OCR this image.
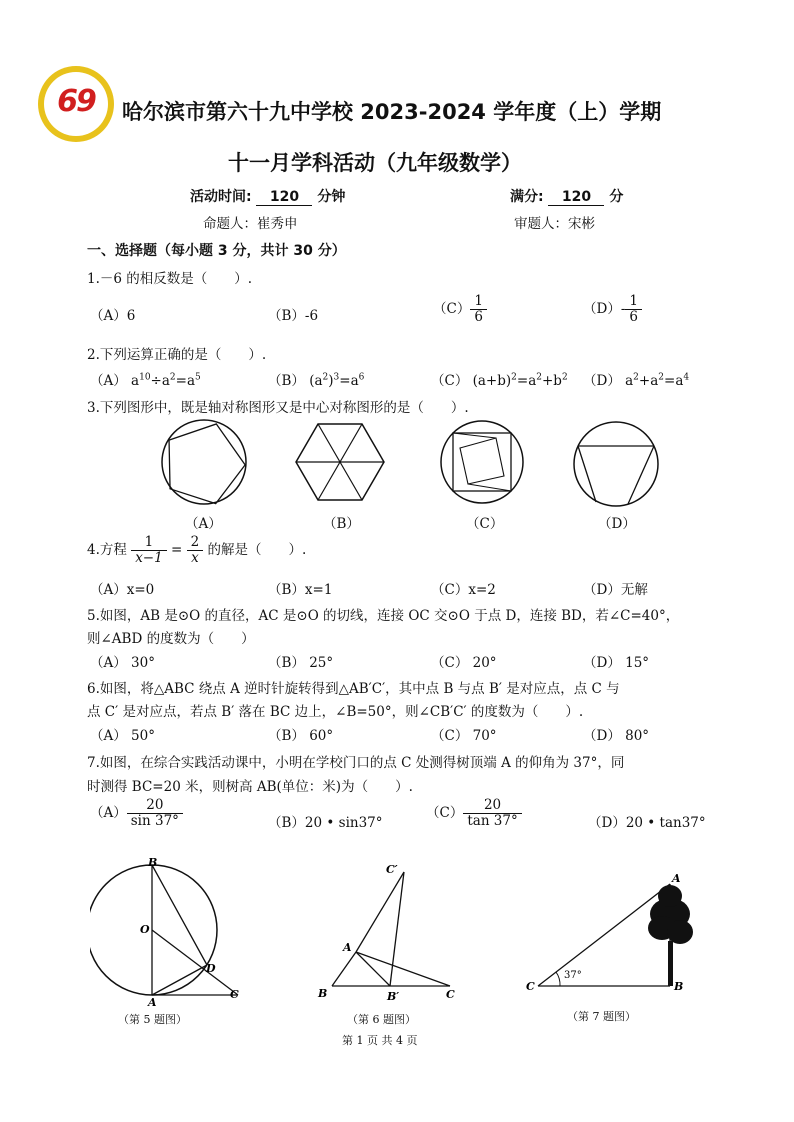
69 哈尔滨市第六十九中学校 2023-2024 学年度（上）学期
十一月学科活动（九年级数学）
活动时间: 120 分钟	满分: 120 分
命题人：崔秀申	审题人：宋彬
一、选择题（每小题 3 分，共计 30 分）
1.－6 的相反数是（　　）.
（A）6	（B）-6	$(C) \frac{1}{6}$	$(D)- \frac{1}{6}$
2.下列运算正确的是（　　）.
（A） $a^{10}\div a^2=a^5$	（B） $(a^2)^3=a^6$	（C） $(a+b)^2=a^2+b^2$ （D） $a^2+a^2=a^4$
3.下列图形中，既是轴对称图形又是中心对称图形的是（　　）.
（A）	（B）	（C）	（D）
4.方程 $\frac{1}{x-1} = \frac{2}{x}$ 的解是（　　）.
（A）x=0	（B）x=1	（C）x=2	（D）无解
5.如图，AB 是⊙O 的直径，AC 是⊙O 的切线，连接 OC 交⊙O 于点 D，连接 BD，若∠C=40°，
则∠ABD 的度数为（　　）
（A） 30°	（B） 25°	（C） 20°	（D） 15°
6.如图，将△ABC 绕点 A 逆时针旋转得到△AB′C′，其中点 B 与点 B′ 是对应点，点 C 与
点 C′ 是对应点，若点 B′ 落在 BC 边上，∠B=50°，则∠CB′C′ 的度数为（　　）.
（A） 50°	（B） 60°	（C） 70°	（D） 80°
7.如图，在综合实践活动课中，小明在学校门口的点 C 处测得树顶端 A 的仰角为 37°，同
时测得 BC=20 米，则树高 AB(单位：米)为（　　）.
$(A) \frac{20}{\sin 37^\circ}$	（B）20 • sin37°
$(C) \frac{20}{\tan 37^\circ}$	（D）20 • tan37°
B
O
D
A
C
（第 5 题图）
C′
A
B	B′	C
（第 6 题图）
37°
A
B
C
（第 7 题图）
第 1 页 共 4 页
